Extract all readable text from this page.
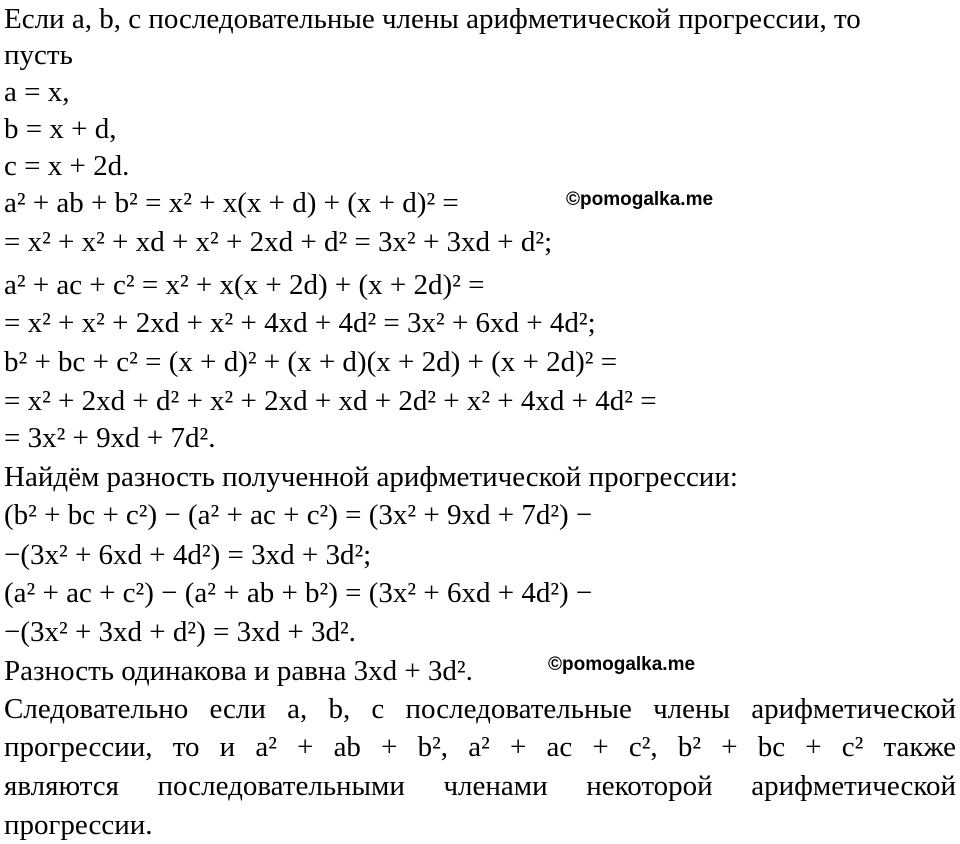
Если a, b, c последовательные члены арифметической прогрессии, то
пусть
a = x,
b = x + d,
c = x + 2d.
a² + ab + b² = x² + x(x + d) + (x + d)² =
= x² + x² + xd + x² + 2xd + d² = 3x² + 3xd + d²;
a² + ac + c² = x² + x(x + 2d) + (x + 2d)² =
= x² + x² + 2xd + x² + 4xd + 4d² = 3x² + 6xd + 4d²;
b² + bc + c² = (x + d)² + (x + d)(x + 2d) + (x + 2d)² =
= x² + 2xd + d² + x² + 2xd + xd + 2d² + x² + 4xd + 4d² =
= 3x² + 9xd + 7d².
Найдём разность полученной арифметической прогрессии:
(b² + bc + c²) − (a² + ac + c²) = (3x² + 9xd + 7d²) −
−(3x² + 6xd + 4d²) = 3xd + 3d²;
(a² + ac + c²) − (a² + ab + b²) = (3x² + 6xd + 4d²) −
−(3x² + 3xd + d²) = 3xd + 3d².
Разность одинакова и равна 3xd + 3d².
Следовательно если a, b, c последовательные члены арифметической
прогрессии, то и a² + ab + b², a² + ac + c², b² + bc + c² также
являются последовательными членами некоторой арифметической
прогрессии.
©pomogalka.me
©pomogalka.me
